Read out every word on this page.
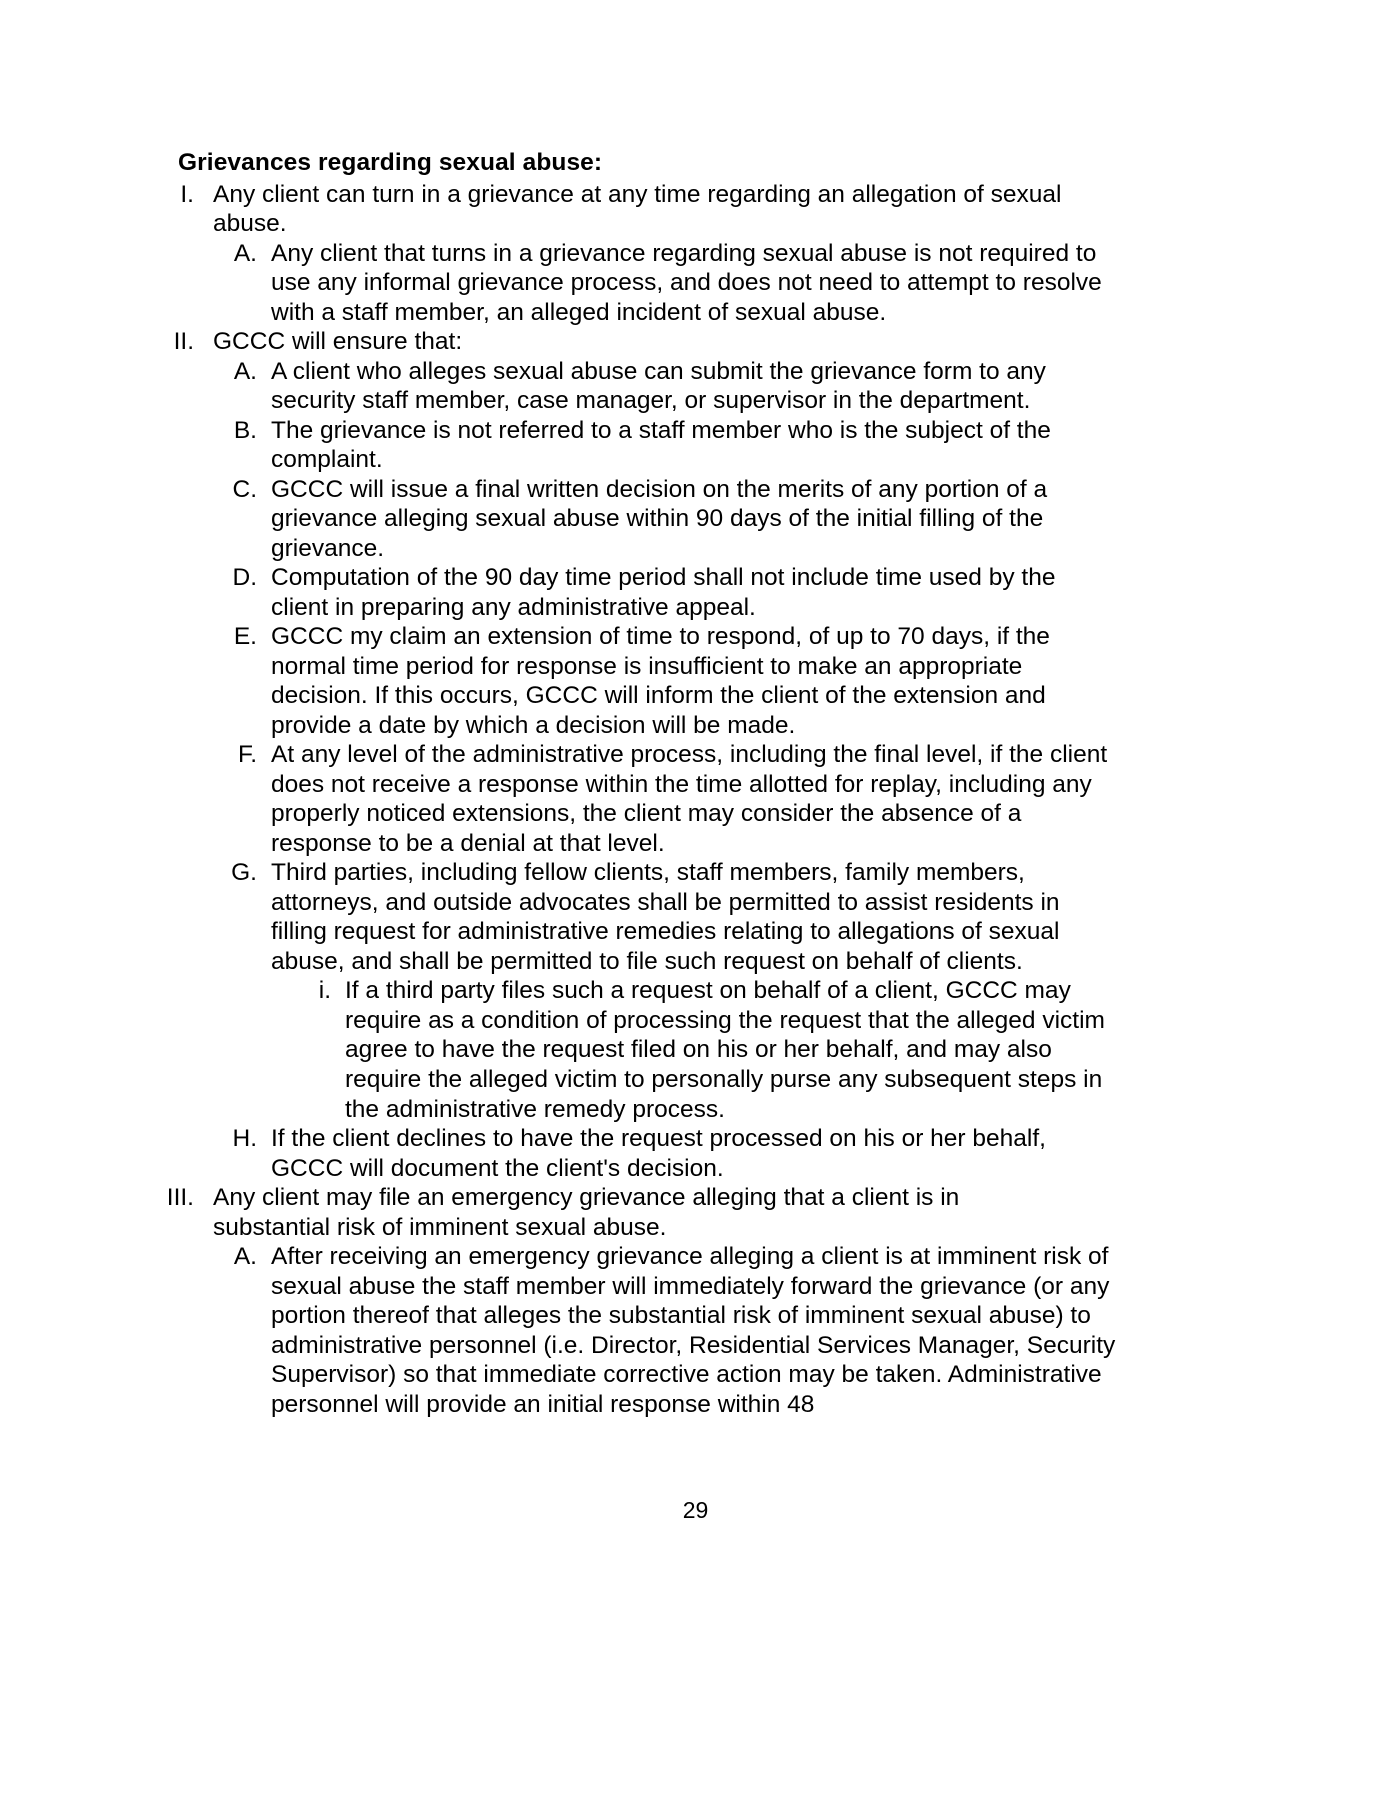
Grievances regarding sexual abuse:
I. Any client can turn in a grievance at any time regarding an allegation of sexual abuse.
A. Any client that turns in a grievance regarding sexual abuse is not required to use any informal grievance process, and does not need to attempt to resolve with a staff member, an alleged incident of sexual abuse.
II. GCCC will ensure that:
A. A client who alleges sexual abuse can submit the grievance form to any security staff member, case manager, or supervisor in the department.
B. The grievance is not referred to a staff member who is the subject of the complaint.
C. GCCC will issue a final written decision on the merits of any portion of a grievance alleging sexual abuse within 90 days of the initial filling of the grievance.
D. Computation of the 90 day time period shall not include time used by the client in preparing any administrative appeal.
E. GCCC my claim an extension of time to respond, of up to 70 days, if the normal time period for response is insufficient to make an appropriate decision. If this occurs, GCCC will inform the client of the extension and provide a date by which a decision will be made.
F. At any level of the administrative process, including the final level, if the client does not receive a response within the time allotted for replay, including any properly noticed extensions, the client may consider the absence of a response to be a denial at that level.
G. Third parties, including fellow clients, staff members, family members, attorneys, and outside advocates shall be permitted to assist residents in filling request for administrative remedies relating to allegations of sexual abuse, and shall be permitted to file such request on behalf of clients.
i. If a third party files such a request on behalf of a client, GCCC may require as a condition of processing the request that the alleged victim agree to have the request filed on his or her behalf, and may also require the alleged victim to personally purse any subsequent steps in the administrative remedy process.
H. If the client declines to have the request processed on his or her behalf, GCCC will document the client's decision.
III. Any client may file an emergency grievance alleging that a client is in substantial risk of imminent sexual abuse.
A. After receiving an emergency grievance alleging a client is at imminent risk of sexual abuse the staff member will immediately forward the grievance (or any portion thereof that alleges the substantial risk of imminent sexual abuse) to administrative personnel (i.e. Director, Residential Services Manager, Security Supervisor) so that immediate corrective action may be taken. Administrative personnel will provide an initial response within 48
29
